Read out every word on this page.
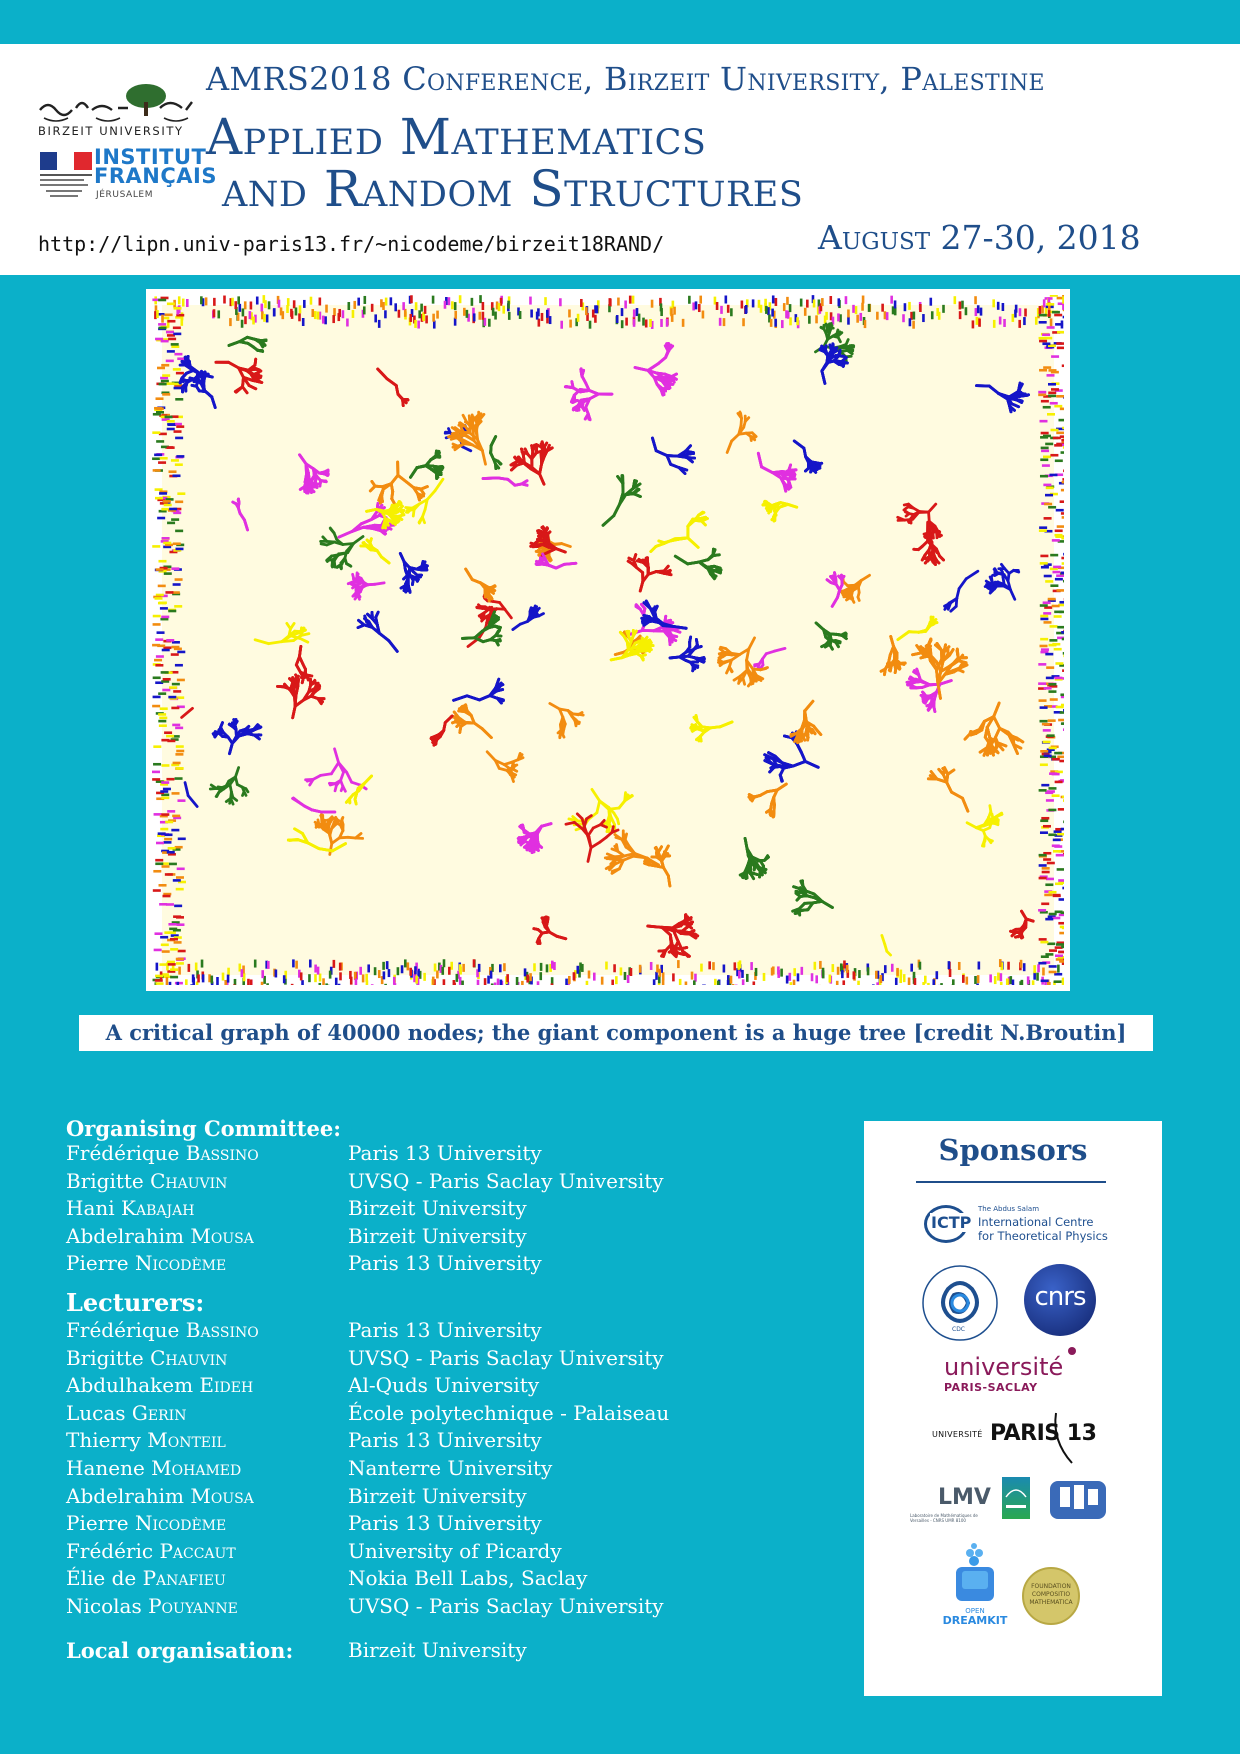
BIRZEIT UNIVERSITY
INSTITUT
FRANÇAIS
JÉRUSALEM
AMRS2018 Conference, Birzeit University, Palestine
Applied Mathematics
and Random Structures
http://lipn.univ-paris13.fr/~nicodeme/birzeit18RAND/	August 27-30, 2018
A critical graph of 40000 nodes; the giant component is a huge tree [credit N.Broutin]
Organising Committee:
Frédérique Bassino	Paris 13 University
Brigitte Chauvin	UVSQ - Paris Saclay University
Hani Kabajah	Birzeit University
Abdelrahim Mousa	Birzeit University
Pierre Nicodème	Paris 13 University
Lecturers:
Frédérique Bassino	Paris 13 University
Brigitte Chauvin	UVSQ - Paris Saclay University
Abdulhakem Eideh	Al-Quds University
Lucas Gerin	École polytechnique - Palaiseau
Thierry Monteil	Paris 13 University
Hanene Mohamed	Nanterre University
Abdelrahim Mousa	Birzeit University
Pierre Nicodème	Paris 13 University
Frédéric Paccaut	University of Picardy
Élie de Panafieu	Nokia Bell Labs, Saclay
Nicolas Pouyanne	UVSQ - Paris Saclay University
Local organisation:	Birzeit University
Sponsors
ICTP
The Abdus Salam
International Centre
for Theoretical Physics
CDC
cnrs
université
PARIS-SACLAY
UNIVERSITÉ PARIS 13
LMV
Laboratoire de Mathématiques de Versailles - CNRS UMR 8100
OPEN
DREAMKIT
FOUNDATION
COMPOSITIO
MATHEMATICA
